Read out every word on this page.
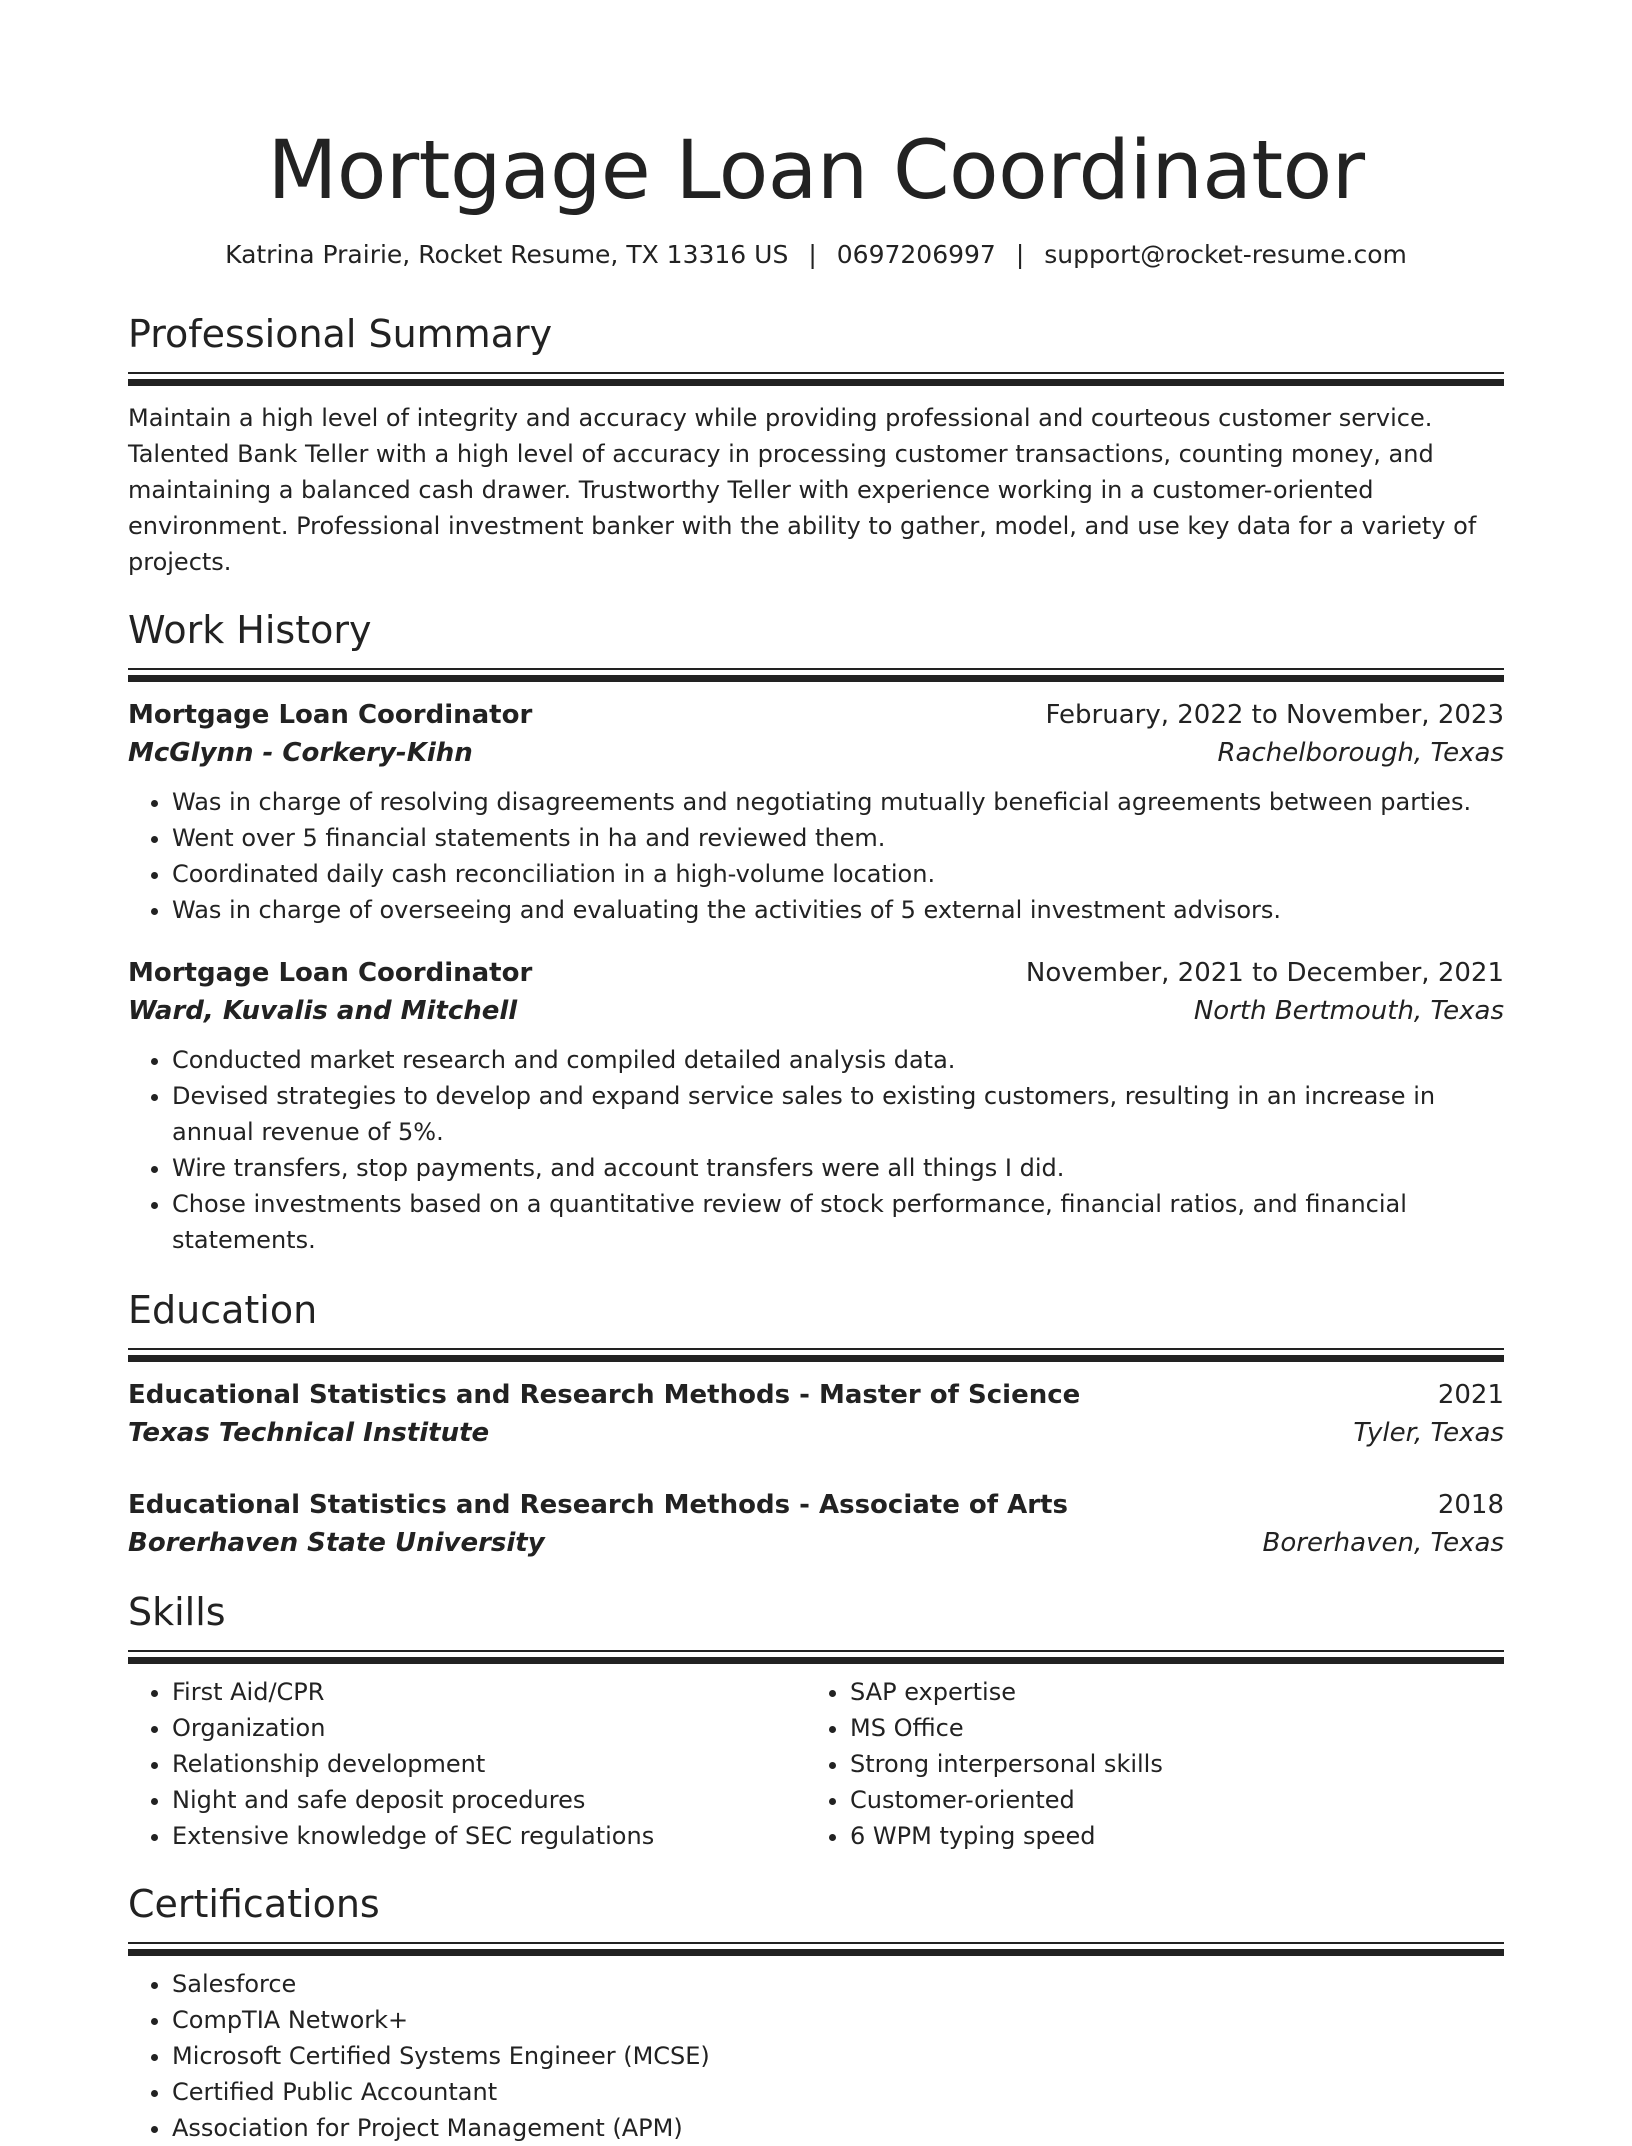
Mortgage Loan Coordinator
Katrina Prairie, Rocket Resume, TX 13316 US | 0697206997 | support@rocket-resume.com
Professional Summary

Maintain a high level of integrity and accuracy while providing professional and courteous customer service. Talented Bank Teller with a high level of accuracy in processing customer transactions, counting money, and maintaining a balanced cash drawer. Trustworthy Teller with experience working in a customer-oriented environment. Professional investment banker with the ability to gather, model, and use key data for a variety of projects.

Work History
Mortgage Loan Coordinator	February, 2022 to November, 2023
McGlynn - Corkery-Kihn	Rachelborough, Texas
• Was in charge of resolving disagreements and negotiating mutually beneficial agreements between parties.
• Went over 5 financial statements in ha and reviewed them.
• Coordinated daily cash reconciliation in a high-volume location.
• Was in charge of overseeing and evaluating the activities of 5 external investment advisors.
Mortgage Loan Coordinator	November, 2021 to December, 2021
Ward, Kuvalis and Mitchell	North Bertmouth, Texas
• Conducted market research and compiled detailed analysis data.
• Devised strategies to develop and expand service sales to existing customers, resulting in an increase in annual revenue of 5%.
• Wire transfers, stop payments, and account transfers were all things I did.
• Chose investments based on a quantitative review of stock performance, financial ratios, and financial statements.
Education
Educational Statistics and Research Methods - Master of Science	2021
Texas Technical Institute	Tyler, Texas
Educational Statistics and Research Methods - Associate of Arts	2018
Borerhaven State University	Borerhaven, Texas
Skills
• First Aid/CPR
• Organization
• Relationship development
• Night and safe deposit procedures
• Extensive knowledge of SEC regulations
• SAP expertise
• MS Office
• Strong interpersonal skills
• Customer-oriented
• 6 WPM typing speed
Certifications
• Salesforce
• CompTIA Network+
• Microsoft Certified Systems Engineer (MCSE)
• Certified Public Accountant
• Association for Project Management (APM)
